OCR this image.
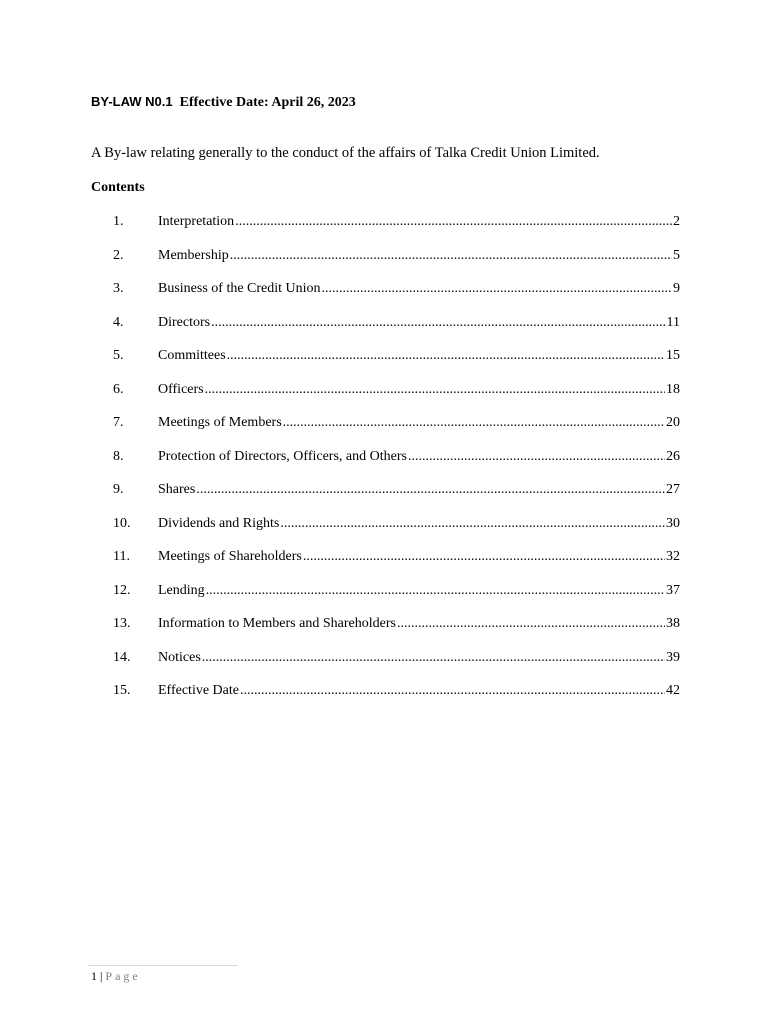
BY-LAW N0.1 Effective Date: April 26, 2023
A By-law relating generally to the conduct of the affairs of Talka Credit Union Limited.
Contents
1.	Interpretation .....	2
2.	Membership .....	5
3.	Business of the Credit Union .....	9
4.	Directors .....	11
5.	Committees .....	15
6.	Officers .....	18
7.	Meetings of Members .....	20
8.	Protection of Directors, Officers, and Others .....	26
9.	Shares .....	27
10.	Dividends and Rights .....	30
11.	Meetings of Shareholders .....	32
12.	Lending .....	37
13.	Information to Members and Shareholders .....	38
14.	Notices .....	39
15.	Effective Date .....	42
1 | Page
